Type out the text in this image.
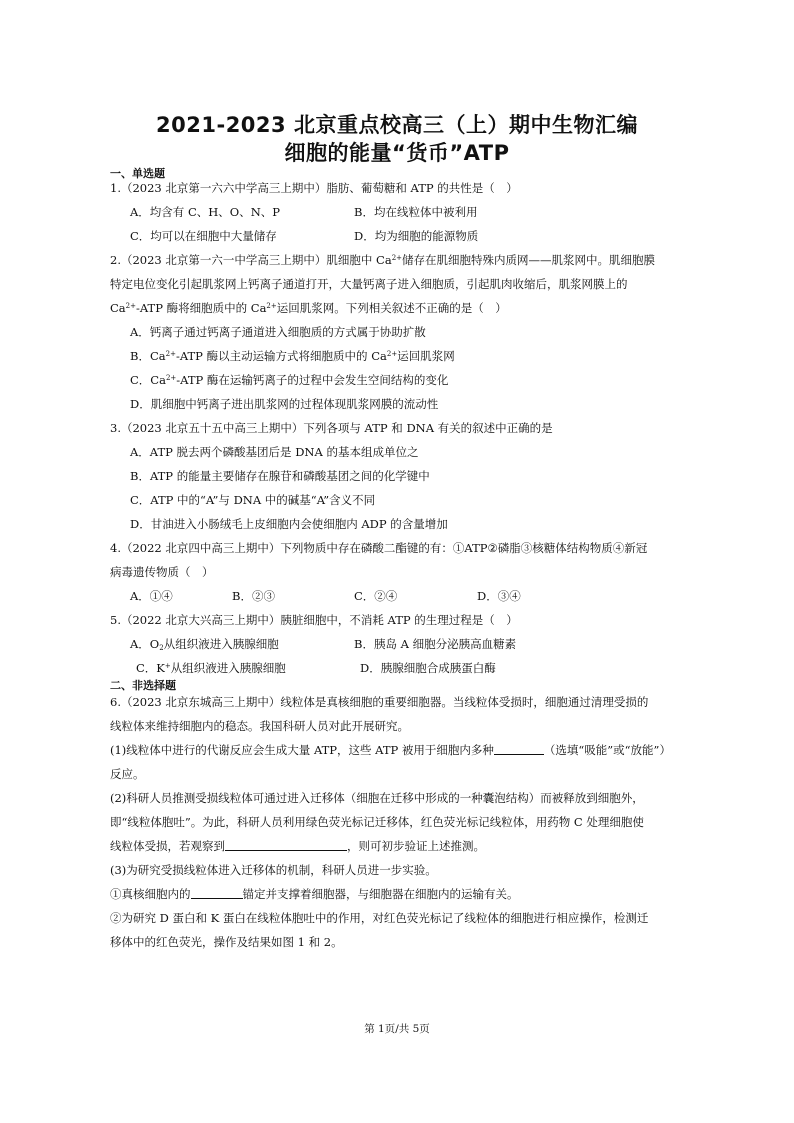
2021-2023 北京重点校高三（上）期中生物汇编
细胞的能量“货币”ATP
一、单选题
1.（2023 北京第一六六中学高三上期中）脂肪、葡萄糖和 ATP 的共性是（　）
A．均含有 C、H、O、N、P	B．均在线粒体中被利用
C．均可以在细胞中大量储存	D．均为细胞的能源物质
2.（2023 北京第一六一中学高三上期中）肌细胞中 $Ca^{2+}$储存在肌细胞特殊内质网——肌浆网中。肌细胞膜
特定电位变化引起肌浆网上钙离子通道打开，大量钙离子进入细胞质，引起肌肉收缩后，肌浆网膜上的
$Ca^{2+}$-ATP 酶将细胞质中的 $Ca^{2+}$运回肌浆网。下列相关叙述不正确的是（　）
A．钙离子通过钙离子通道进入细胞质的方式属于协助扩散
B．$Ca^{2+}$-ATP 酶以主动运输方式将细胞质中的 $Ca^{2+}$运回肌浆网
C．$Ca^{2+}$-ATP 酶在运输钙离子的过程中会发生空间结构的变化
D．肌细胞中钙离子进出肌浆网的过程体现肌浆网膜的流动性
3.（2023 北京五十五中高三上期中）下列各项与 ATP 和 DNA 有关的叙述中正确的是
A．ATP 脱去两个磷酸基团后是 DNA 的基本组成单位之
B．ATP 的能量主要储存在腺苷和磷酸基团之间的化学键中
C．ATP 中的“A”与 DNA 中的碱基“A”含义不同
D．甘油进入小肠绒毛上皮细胞内会使细胞内 ADP 的含量增加
4.（2022 北京四中高三上期中）下列物质中存在磷酸二酯键的有：①ATP②磷脂③核糖体结构物质④新冠
病毒遗传物质（　）
A．①④	B．②③	C．②④	D．③④
5.（2022 北京大兴高三上期中）胰脏细胞中，不消耗 ATP 的生理过程是（　）
A．$O_2$从组织液进入胰腺细胞	B．胰岛 A 细胞分泌胰高血糖素
C．K+从组织液进入胰腺细胞	D．胰腺细胞合成胰蛋白酶
二、非选择题
6.（2023 北京东城高三上期中）线粒体是真核细胞的重要细胞器。当线粒体受损时，细胞通过清理受损的
线粒体来维持细胞内的稳态。我国科研人员对此开展研究。
(1)线粒体中进行的代谢反应会生成大量 ATP，这些 ATP 被用于细胞内多种	（选填“吸能”或“放能”）
反应。
(2)科研人员推测受损线粒体可通过进入迁移体（细胞在迁移中形成的一种囊泡结构）而被释放到细胞外，
即“线粒体胞吐”。为此，科研人员利用绿色荧光标记迁移体，红色荧光标记线粒体，用药物 C 处理细胞使
线粒体受损，若观察到	，则可初步验证上述推测。
(3)为研究受损线粒体进入迁移体的机制，科研人员进一步实验。
①真核细胞内的	锚定并支撑着细胞器，与细胞器在细胞内的运输有关。
②为研究 D 蛋白和 K 蛋白在线粒体胞吐中的作用，对红色荧光标记了线粒体的细胞进行相应操作，检测迁
移体中的红色荧光，操作及结果如图 1 和 2。
第 1页/共 5页
